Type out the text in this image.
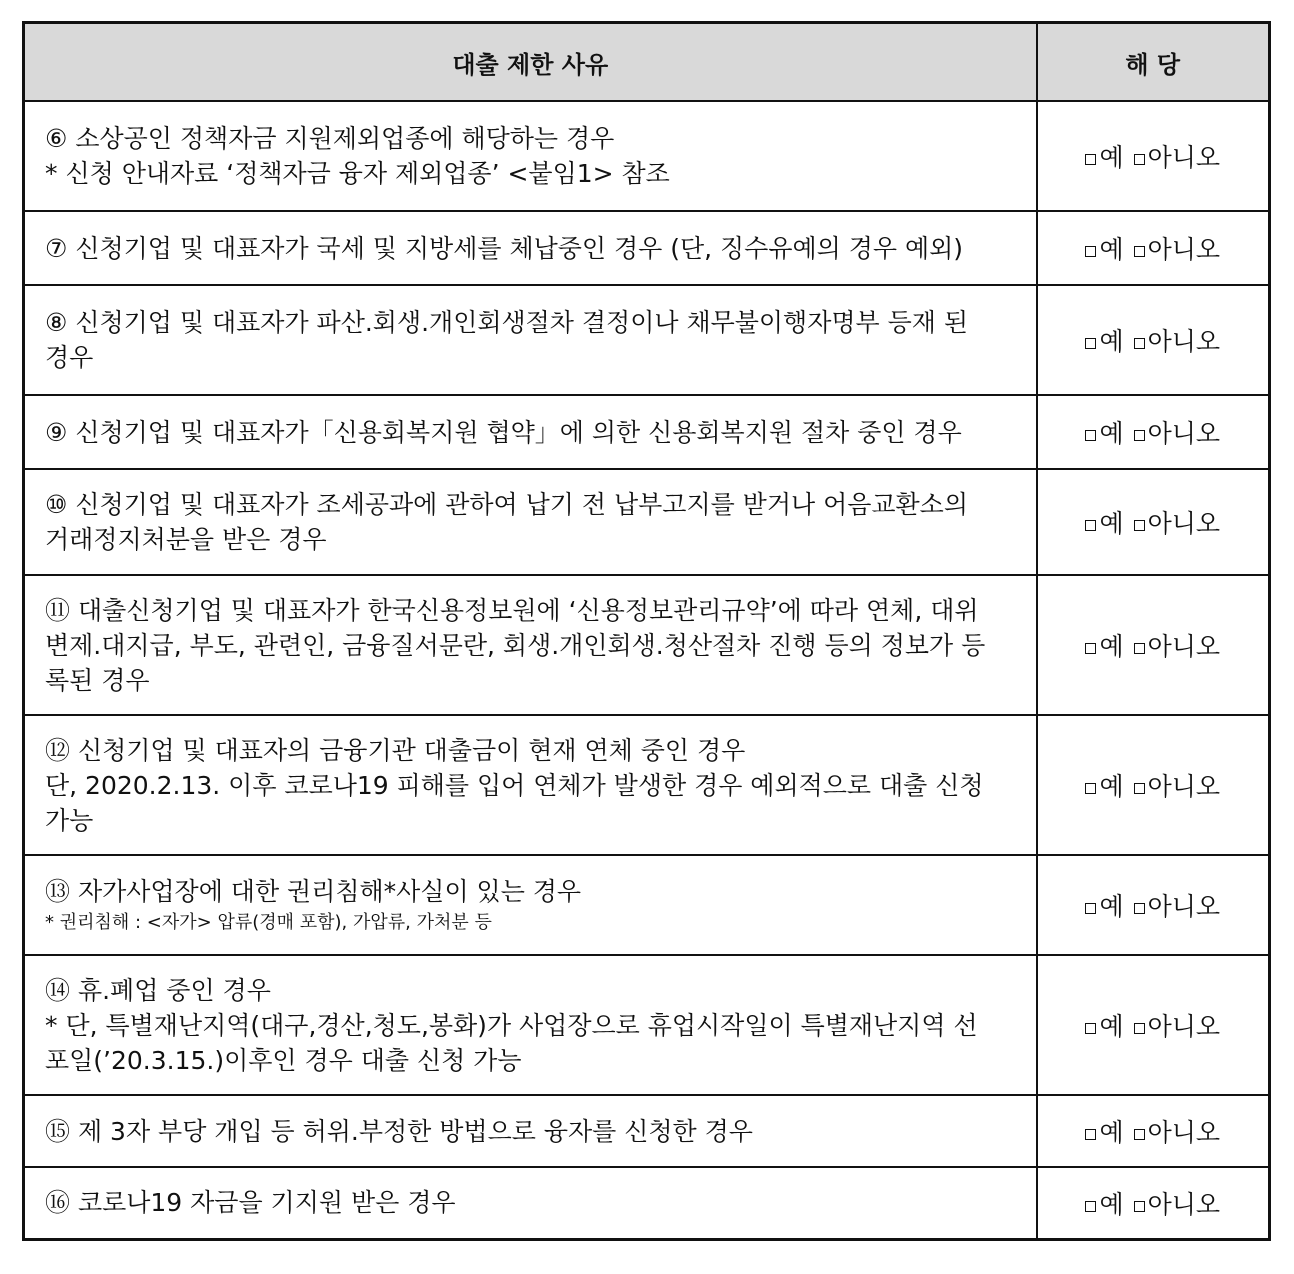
대출 제한 사유	해 당

⑥ 소상공인 정책자금 지원제외업종에 해당하는 경우
* 신청 안내자료 ‘정책자금 융자 제외업종’ <붙임1> 참조	예 아니오

⑦ 신청기업 및 대표자가 국세 및 지방세를 체납중인 경우 (단, 징수유예의 경우 예외)	예 아니오

⑧ 신청기업 및 대표자가 파산.회생.개인회생절차 결정이나 채무불이행자명부 등재 된
경우	예 아니오

⑨ 신청기업 및 대표자가「신용회복지원 협약」에 의한 신용회복지원 절차 중인 경우	예 아니오

⑩ 신청기업 및 대표자가 조세공과에 관하여 납기 전 납부고지를 받거나 어음교환소의
거래정지처분을 받은 경우	예 아니오

⑪ 대출신청기업 및 대표자가 한국신용정보원에 ‘신용정보관리규약’에 따라 연체, 대위
변제.대지급, 부도, 관련인, 금융질서문란, 회생.개인회생.청산절차 진행 등의 정보가 등
록된 경우	예 아니오

⑫ 신청기업 및 대표자의 금융기관 대출금이 현재 연체 중인 경우
단, 2020.2.13. 이후 코로나19 피해를 입어 연체가 발생한 경우 예외적으로 대출 신청
가능	예 아니오

⑬ 자가사업장에 대한 권리침해*사실이 있는 경우
* 권리침해 : <자가> 압류(경매 포함), 가압류, 가처분 등	예 아니오

⑭ 휴.폐업 중인 경우
* 단, 특별재난지역(대구,경산,청도,봉화)가 사업장으로 휴업시작일이 특별재난지역 선
포일(’20.3.15.)이후인 경우 대출 신청 가능	예 아니오

⑮ 제 3자 부당 개입 등 허위.부정한 방법으로 융자를 신청한 경우	예 아니오

⑯ 코로나19 자금을 기지원 받은 경우	예 아니오
